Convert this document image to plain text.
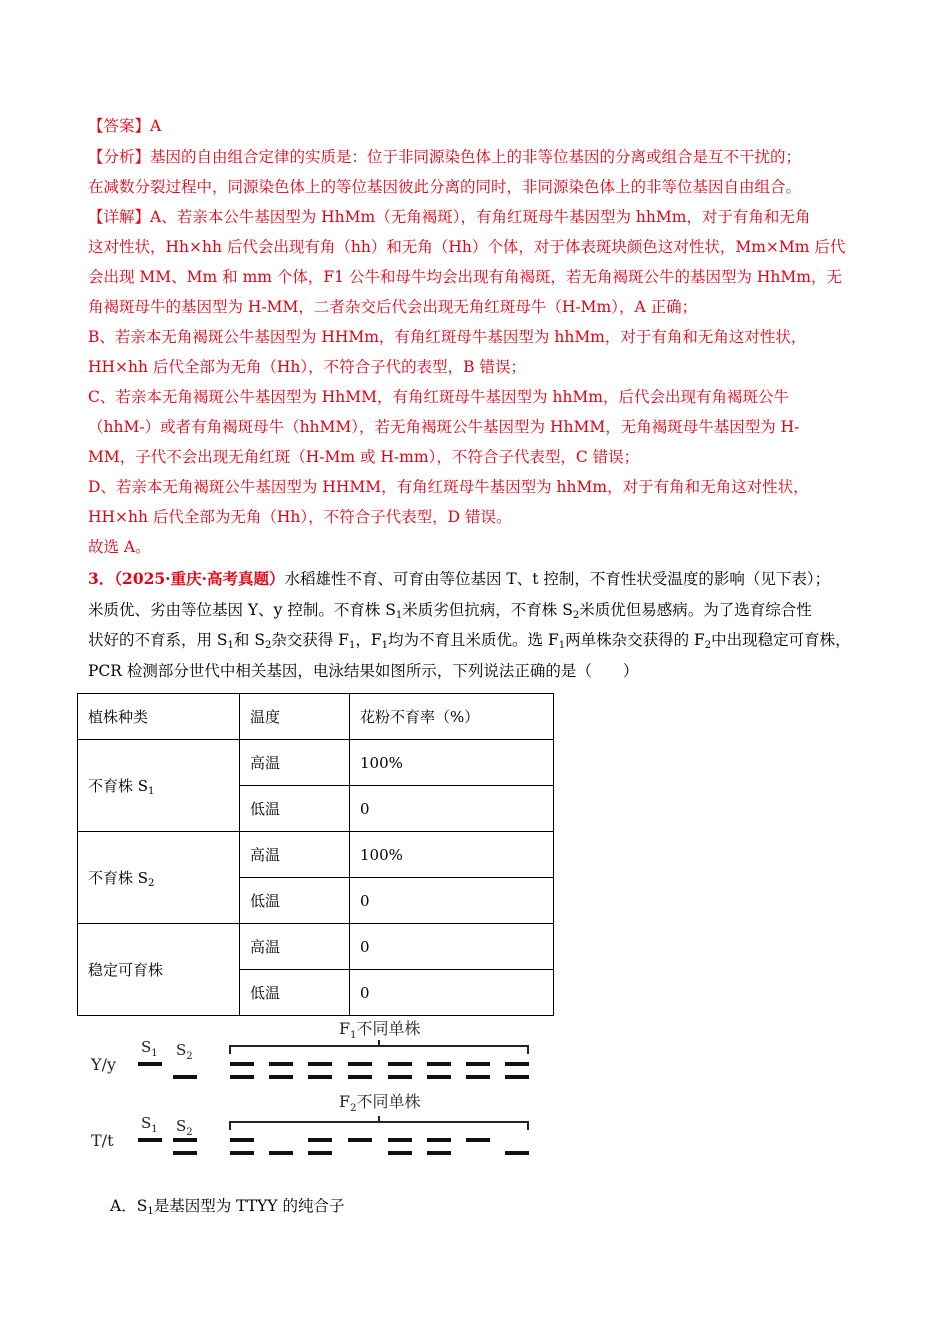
【答案】A
【分析】基因的自由组合定律的实质是：位于非同源染色体上的非等位基因的分离或组合是互不干扰的；
在减数分裂过程中，同源染色体上的等位基因彼此分离的同时，非同源染色体上的非等位基因自由组合。
【详解】A、若亲本公牛基因型为 HhMm（无角褐斑），有角红斑母牛基因型为 hhMm，对于有角和无角
这对性状，Hh×hh 后代会出现有角（hh）和无角（Hh）个体，对于体表斑块颜色这对性状，Mm×Mm 后代
会出现 MM、Mm 和 mm 个体，F1 公牛和母牛均会出现有角褐斑，若无角褐斑公牛的基因型为 HhMm，无
角褐斑母牛的基因型为 H-MM，二者杂交后代会出现无角红斑母牛（H-Mm），A 正确；
B、若亲本无角褐斑公牛基因型为 HHMm，有角红斑母牛基因型为 hhMm，对于有角和无角这对性状，
HH×hh 后代全部为无角（Hh），不符合子代的表型，B 错误；
C、若亲本无角褐斑公牛基因型为 HhMM，有角红斑母牛基因型为 hhMm，后代会出现有角褐斑公牛
（hhM-）或者有角褐斑母牛（hhMM），若无角褐斑公牛基因型为 HhMM，无角褐斑母牛基因型为 H-
MM，子代不会出现无角红斑（H-Mm 或 H-mm），不符合子代表型，C 错误；
D、若亲本无角褐斑公牛基因型为 HHMM，有角红斑母牛基因型为 hhMm，对于有角和无角这对性状，
HH×hh 后代全部为无角（Hh），不符合子代表型，D 错误。
故选 A。
3．（2025·重庆·高考真题）水稻雄性不育、可育由等位基因 T、t 控制，不育性状受温度的影响（见下表）；
米质优、劣由等位基因 Y、y 控制。不育株 $S_1$米质劣但抗病，不育株 $S_2$米质优但易感病。为了选育综合性
状好的不育系，用 $S_1$和 $S_2$杂交获得 $F_1$，$F_1$均为不育且米质优。选 $F_1$两单株杂交获得的 $F_2$中出现稳定可育株，
PCR 检测部分世代中相关基因，电泳结果如图所示，下列说法正确的是（　　）
植株种类	温度	花粉不育率（%）
不育株 $S_1$	高温	100%
	低温	0
不育株 $S_2$	高温	100%
	低温	0
稳定可育株	高温	0
	低温	0
Y/y
T/t
$S_1$ $S_2$
$S_1$ $S_2$
$F_1$不同单株
$F_2$不同单株
A．$S_1$是基因型为 TTYY 的纯合子
